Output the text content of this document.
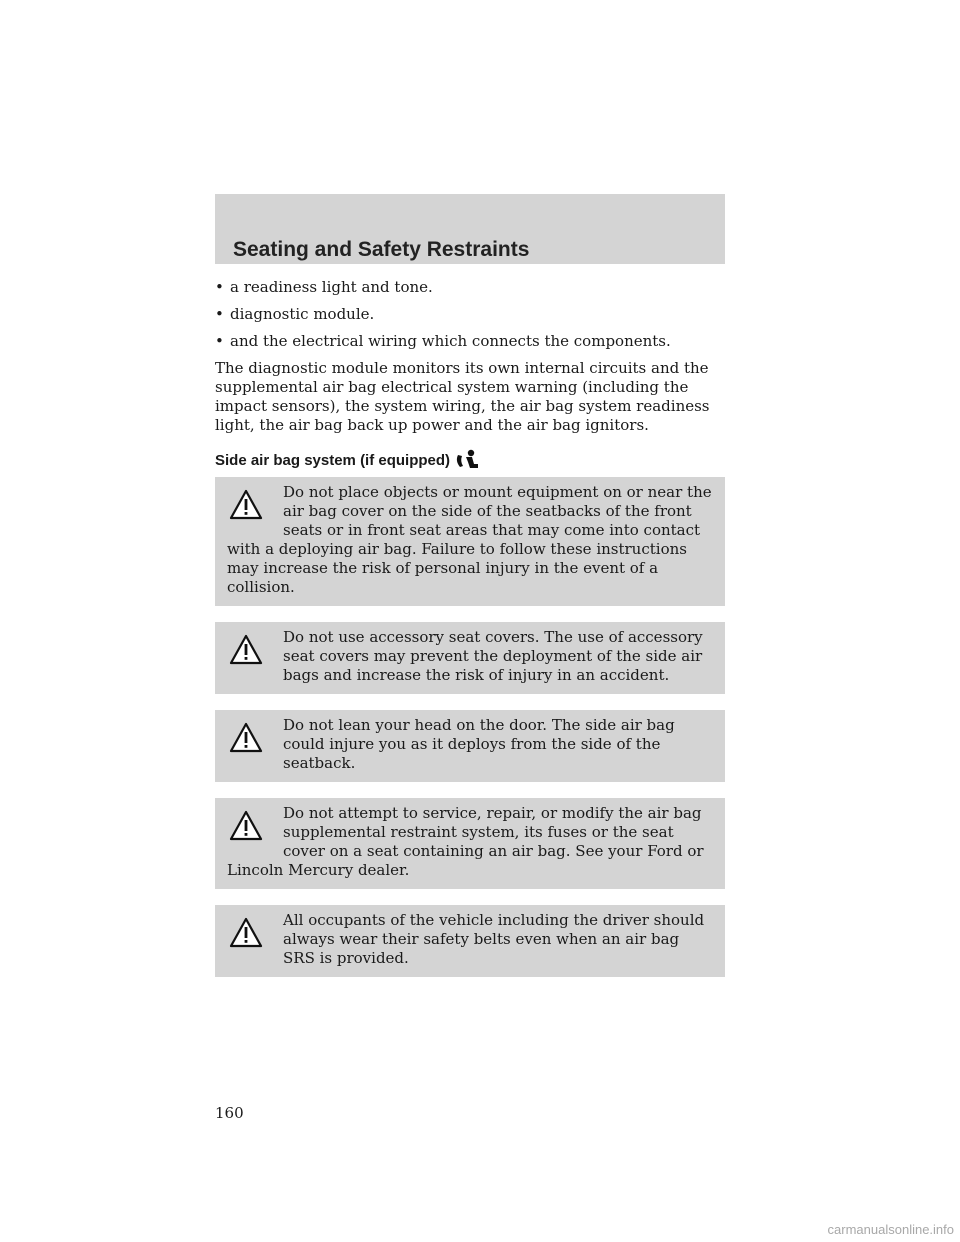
Seating and Safety Restraints
• a readiness light and tone.
• diagnostic module.
• and the electrical wiring which connects the components.

The diagnostic module monitors its own internal circuits and the supplemental air bag electrical system warning (including the impact sensors), the system wiring, the air bag system readiness light, the air bag back up power and the air bag ignitors.

Side air bag system (if equipped)
Do not place objects or mount equipment on or near the air bag cover on the side of the seatbacks of the front seats or in front seat areas that may come into contact with a deploying air bag. Failure to follow these instructions may increase the risk of personal injury in the event of a collision.
Do not use accessory seat covers. The use of accessory seat covers may prevent the deployment of the side air bags and increase the risk of injury in an accident.
Do not lean your head on the door. The side air bag could injure you as it deploys from the side of the seatback.
Do not attempt to service, repair, or modify the air bag supplemental restraint system, its fuses or the seat cover on a seat containing an air bag. See your Ford or Lincoln Mercury dealer.
All occupants of the vehicle including the driver should always wear their safety belts even when an air bag SRS is provided.
160
carmanualsonline.info
